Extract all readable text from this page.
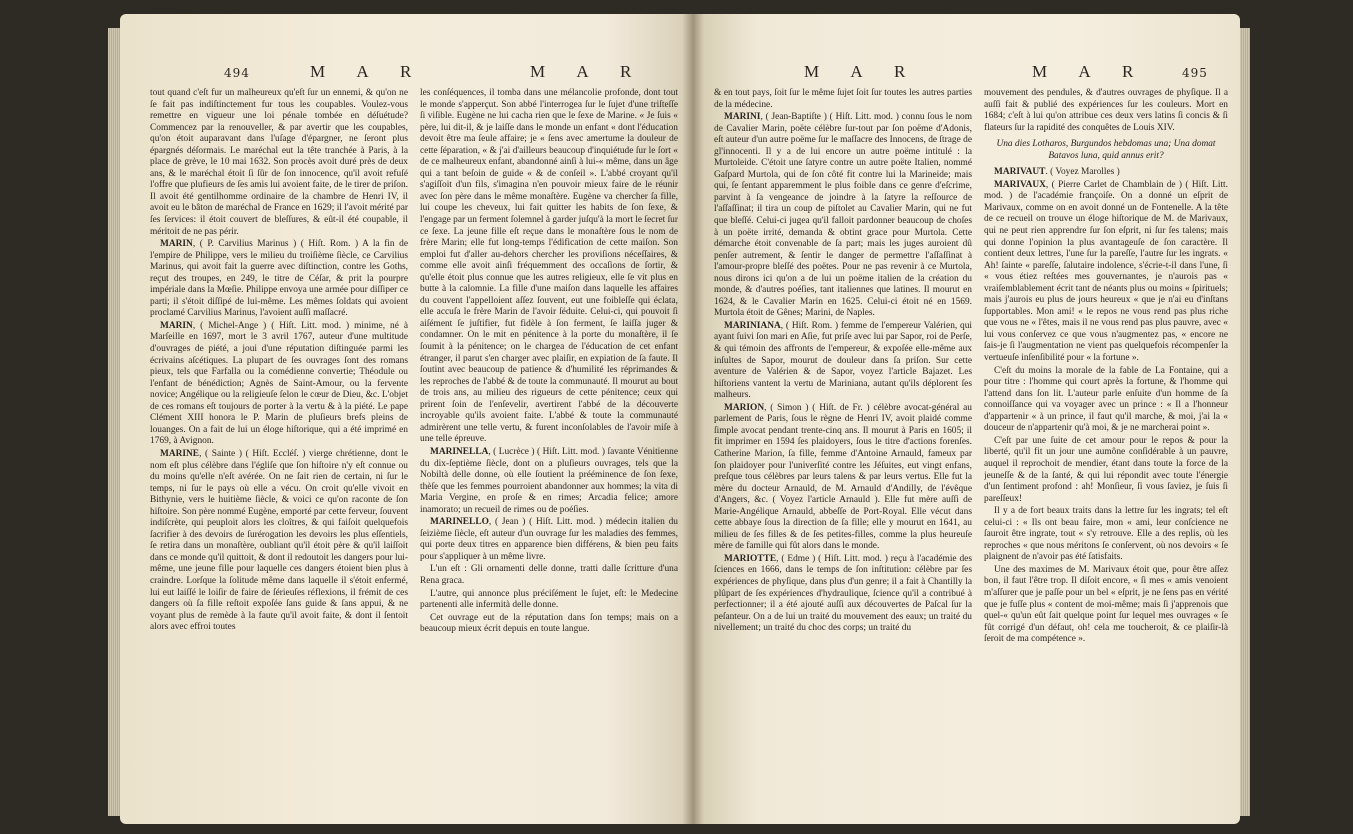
494	M A R	M A R

tout quand c'eſt fur un malheureux qu'eſt ſur un ennemi, & qu'on ne ſe fait pas indiſtinctement fur tous les coupables. Voulez-vous remettre en vigueur une loi pénale tombée en déſuétude? Commencez par la renouveller, & par avertir que les coupables, qu'on étoit auparavant dans l'uſage d'épargner, ne ſeront plus épargnés déſormais. Le maréchal eut la tête tranchée à Paris, à la place de grève, le 10 mai 1632. Son procès avoit duré près de deux ans, & le maréchal étoit ſi ſûr de ſon innocence, qu'il avoit refuſé l'offre que plufieurs de ſes amis lui avoient faite, de le tirer de priſon. Il avoit été gentilhomme ordinaire de la chambre de Henri IV, il avoit eu le bâton de maréchal de France en 1629; il l'avoit mérité par ſes ſervices: il étoit couvert de bleſſures, & eût-il été coupable, il méritoit de ne pas périr.

MARIN, ( P. Carvilius Marinus ) ( Hiſt. Rom. ) A la fin de l'empire de Philippe, vers le milieu du troiſième ſiècle, ce Carvilius Marinus, qui avoit fait la guerre avec diſtinction, contre les Goths, reçut des troupes, en 249, le titre de Céſar, & prit la pourpre impériale dans la Mœſie. Philippe envoya une armée pour diſſiper ce parti; il s'étoit diſſipé de lui-même. Les mêmes ſoldats qui avoient proclamé Carvilius Marinus, l'avoient auſſi maſſacré.

MARIN, ( Michel-Ange ) ( Hiſt. Litt. mod. ) minime, né à Marſeille en 1697, mort le 3 avril 1767, auteur d'une multitude d'ouvrages de piété, a joui d'une réputation diſtinguée parmi les écrivains aſcétiques. La plupart de ſes ouvrages ſont des romans pieux, tels que Farfalla ou la comédienne convertie; Théodule ou l'enfant de bénédiction; Agnès de Saint-Amour, ou la fervente novice; Angélique ou la religieuſe ſelon le cœur de Dieu, &c. L'objet de ces romans eſt toujours de porter à la vertu & à la piété. Le pape Clément XIII honora le P. Marin de pluſieurs brefs pleins de louanges. On a fait de lui un éloge hiſtorique, qui a été imprimé en 1769, à Avignon.

MARINE, ( Sainte ) ( Hiſt. Eccléſ. ) vierge chrétienne, dont le nom eſt plus célèbre dans l'égliſe que ſon hiſtoire n'y eſt connue ou du moins qu'elle n'eſt avérée. On ne ſait rien de certain, ni ſur le temps, ni ſur le pays où elle a vécu. On croit qu'elle vivoit en Bithynie, vers le huitième ſiècle, & voici ce qu'on raconte de ſon hiſtoire. Son père nommé Eugène, emporté par cette ferveur, ſouvent indiſcrète, qui peuploit alors les cloîtres, & qui faiſoit quelquefois ſacrifier à des devoirs de ſurérogation les devoirs les plus eſſentiels, ſe retira dans un monaſtère, oubliant qu'il étoit père & qu'il laiſſoit dans ce monde qu'il quittoit, & dont il redoutoit les dangers pour lui-même, une jeune fille pour laquelle ces dangers étoient bien plus à craindre. Lorſque la ſolitude même dans laquelle il s'étoit enfermé, lui eut laiſſé le loiſir de faire de ſérieuſes réflexions, il frémit de ces dangers où ſa fille reſtoit expoſée ſans guide & ſans appui, & ne voyant plus de remède à la faute qu'il avoit faite, & dont il ſentoit alors avec effroi toutes

les conſéquences, il tomba dans une mélancolie profonde, dont tout le monde s'apperçut. Son abbé l'interrogea ſur le ſujet d'une triſteſſe ſi viſible. Eugène ne lui cacha rien que le ſexe de Marine. « Je ſuis « père, lui dit-il, & je laiſſe dans le monde un enfant « dont l'éducation devoit être ma ſeule affaire; je « ſens avec amertume la douleur de cette ſéparation, « & j'ai d'ailleurs beaucoup d'inquiétude ſur le ſort « de ce malheureux enfant, abandonné ainſi à lui-« même, dans un âge qui a tant beſoin de guide « & de conſeil ». L'abbé croyant qu'il s'agiſſoit d'un fils, s'imagina n'en pouvoir mieux faire de le réunir avec ſon père dans le même monaſtère. Eugène va chercher ſa fille, lui coupe les cheveux, lui fait quitter les habits de ſon ſexe, & l'engage par un ferment ſolemnel à garder juſqu'à la mort le ſecret ſur ce ſexe. La jeune fille eſt reçue dans le monaſtère ſous le nom de frère Marin; elle fut long-temps l'édification de cette maiſon. Son emploi fut d'aller au-dehors chercher les proviſions néceſſaires, & comme elle avoit ainſi fréquemment des occaſions de ſortir, & qu'elle étoit plus connue que les autres religieux, elle ſe vit plus en butte à la calomnie. La fille d'une maiſon dans laquelle les affaires du couvent l'appelloient aſſez ſouvent, eut une foibleſſe qui éclata, elle accuſa le frère Marin de l'avoir ſéduite. Celui-ci, qui pouvoit ſi aiſément ſe juſtifier, fut fidèle à ſon ferment, ſe laiſſa juger & condamner. On le mit en pénitence à la porte du monaſtère, il ſe ſoumit à la pénitence; on le chargea de l'éducation de cet enfant étranger, il parut s'en charger avec plaiſir, en expiation de ſa faute. Il ſoutint avec beaucoup de patience & d'humilité les réprimandes & les reproches de l'abbé & de toute la communauté. Il mourut au bout de trois ans, au milieu des rigueurs de cette pénitence; ceux qui prirent ſoin de l'enſevelir, avertirent l'abbé de la découverte incroyable qu'ils avoient faite. L'abbé & toute la communauté admirèrent une telle vertu, & furent inconſolables de l'avoir miſe à une telle épreuve.

MARINELLA, ( Lucrèce ) ( Hiſt. Litt. mod. ) ſavante Vénitienne du dix-ſeptième ſiècle, dont on a pluſieurs ouvrages, tels que la Nobiltà delle donne, où elle ſoutient la prééminence de ſon ſexe, thèſe que les femmes pourroient abandonner aux hommes; la vita di Maria Vergine, en proſe & en rimes; Arcadia felice; amore inamorato; un recueil de rimes ou de poéſies.

MARINELLO, ( Jean ) ( Hiſt. Litt. mod. ) médecin italien du ſeizième ſiècle, eſt auteur d'un ouvrage ſur les maladies des femmes, qui porte deux titres en apparence bien différens, & bien peu faits pour s'appliquer à un même livre.

L'un eſt : Gli ornamenti delle donne, tratti dalle ſcritture d'una Rena graca.

L'autre, qui annonce plus préciſément le ſujet, eſt: le Medecine partenenti alle infermità delle donne.

Cet ouvrage eut de la réputation dans ſon temps; mais on a beaucoup mieux écrit depuis en toute langue.

M A R	M A R	495

& en tout pays, ſoit ſur le même ſujet ſoit ſur toutes les autres parties de la médecine.

MARINI, ( Jean-Baptiſte ) ( Hiſt. Litt. mod. ) connu ſous le nom de Cavalier Marin, poëte célèbre ſur-tout par ſon poëme d'Adonis, eſt auteur d'un autre poëme ſur le maſſacre des Innocens, de ſtrage de gl'innocenti. Il y a de lui encore un autre poëme intitulé : la Murtoleide. C'étoit une ſatyre contre un autre poëte Italien, nommé Gaſpard Murtola, qui de ſon côté fit contre lui la Marineide; mais qui, ſe ſentant apparemment le plus foible dans ce genre d'eſcrime, parvint à ſa vengeance de joindre à la ſatyre la reſſource de l'aſſaſſinat; il tira un coup de piſtolet au Cavalier Marin, qui ne fut que bleſſé. Celui-ci jugea qu'il falloit pardonner beaucoup de choſes à un poëte irrité, demanda & obtint grace pour Murtola. Cette démarche étoit convenable de ſa part; mais les juges auroient dû penſer autrement, & ſentir le danger de permettre l'aſſaſſinat à l'amour-propre bleſſé des poëtes. Pour ne pas revenir à ce Murtola, nous dirons ici qu'on a de lui un poëme italien de la création du monde, & d'autres poéſies, tant italiennes que latines. Il mourut en 1624, & le Cavalier Marin en 1625. Celui-ci étoit né en 1569. Murtola étoit de Gênes; Marini, de Naples.

MARINIANA, ( Hiſt. Rom. ) femme de l'empereur Valérien, qui ayant ſuivi ſon mari en Aſie, fut priſe avec lui par Sapor, roi de Perſe, & qui témoin des affronts de l'empereur, & expoſée elle-même aux inſultes de Sapor, mourut de douleur dans ſa priſon. Sur cette aventure de Valérien & de Sapor, voyez l'article Bajazet. Les hiſtoriens vantent la vertu de Mariniana, autant qu'ils déplorent ſes malheurs.

MARION, ( Simon ) ( Hiſt. de Fr. ) célèbre avocat-général au parlement de Paris, ſous le règne de Henri IV, avoit plaidé comme ſimple avocat pendant trente-cinq ans. Il mourut à Paris en 1605; il fit imprimer en 1594 ſes plaidoyers, ſous le titre d'actions forenſes. Catherine Marion, ſa fille, femme d'Antoine Arnauld, fameux par ſon plaidoyer pour l'univerſité contre les Jéſuites, eut vingt enfans, preſque tous célèbres par leurs talens & par leurs vertus. Elle fut la mère du docteur Arnauld, de M. Arnauld d'Andilly, de l'évêque d'Angers, &c. ( Voyez l'article Arnauld ). Elle fut mère auſſi de Marie-Angélique Arnauld, abbeſſe de Port-Royal. Elle vécut dans cette abbaye ſous la direction de ſa fille; elle y mourut en 1641, au milieu de ſes filles & de ſes petites-filles, comme la plus heureuſe mère de famille qui fût alors dans le monde.

MARIOTTE, ( Edme ) ( Hiſt. Litt. mod. ) reçu à l'académie des ſciences en 1666, dans le temps de ſon inſtitution: célèbre par ſes expériences de phyſique, dans plus d'un genre; il a fait à Chantilly la plûpart de ſes expériences d'hydraulique, ſcience qu'il a contribué à perfectionner; il a été ajouté auſſi aux découvertes de Paſcal ſur la peſanteur. On a de lui un traité du mouvement des eaux; un traité du nivellement; un traité du choc des corps; un traité du

mouvement des pendules, & d'autres ouvrages de phyſique. Il a auſſi fait & publié des expériences ſur les couleurs. Mort en 1684; c'eſt à lui qu'on attribue ces deux vers latins ſi concis & ſi flateurs ſur la rapidité des conquêtes de Louis XIV.

Una dies Lotharos, Burgundos hebdomas una; Una domat Batavos luna, quid annus erit?

MARIVAUT. ( Voyez Marolles )

MARIVAUX, ( Pierre Carlet de Chamblain de ) ( Hiſt. Litt. mod. ) de l'académie françoiſe. On a donné un eſprit de Marivaux, comme on en avoit donné un de Fontenelle. A la tête de ce recueil on trouve un éloge hiſtorique de M. de Marivaux, qui ne peut rien apprendre ſur ſon eſprit, ni ſur ſes talens; mais qui donne l'opinion la plus avantageuſe de ſon caractère. Il contient deux lettres, l'une ſur la pareſſe, l'autre ſur les ingrats. « Ah! ſainte « pareſſe, ſalutaire indolence, s'écrie-t-il dans l'une, ſi « vous étiez reſtées mes gouvernantes, je n'aurois pas « vraiſemblablement écrit tant de néants plus ou moins « ſpirituels; mais j'aurois eu plus de jours heureux « que je n'ai eu d'inſtans ſupportables. Mon ami! « le repos ne vous rend pas plus riche que vous ne « l'êtes, mais il ne vous rend pas plus pauvre, avec « lui vous conſervez ce que vous n'augmentez pas, « encore ne ſais-je ſi l'augmentation ne vient pas quelquefois récompenſer la vertueuſe inſenſibilité pour « la fortune ».

C'eſt du moins la morale de la fable de La Fontaine, qui a pour titre : l'homme qui court après la fortune, & l'homme qui l'attend dans ſon lit. L'auteur parle enſuite d'un homme de ſa connoiſſance qui va voyager avec un prince : « Il a l'honneur d'appartenir « à un prince, il faut qu'il marche, & moi, j'ai la « douceur de n'appartenir qu'à moi, & je ne marcherai point ».

C'eſt par une ſuite de cet amour pour le repos & pour la liberté, qu'il fit un jour une aumône conſidérable à un pauvre, auquel il reprochoit de mendier, étant dans toute la force de la jeuneſſe & de la ſanté, & qui lui répondit avec toute l'énergie d'un ſentiment profond : ah! Monſieur, ſi vous ſaviez, je ſuis ſi pareſſeux!

Il y a de fort beaux traits dans la lettre ſur les ingrats; tel eſt celui-ci : « Ils ont beau faire, mon « ami, leur conſcience ne ſauroit être ingrate, tout « s'y retrouve. Elle a des replis, où les reproches « que nous méritons ſe conſervent, où nos devoirs « ſe plaignent de n'avoir pas été ſatisfaits.

Une des maximes de M. Marivaux étoit que, pour être aſſez bon, il faut l'être trop. Il diſoit encore, « ſi mes « amis venoient m'aſſurer que je paſſe pour un bel « eſprit, je ne ſens pas en vérité que je fuſſe plus « content de moi-même; mais ſi j'apprenois que quel-« qu'un eût ſait quelque point ſur lequel mes ouvrages « ſe fût corrigé d'un défaut, oh! cela me toucheroit, & ce plaiſir-là ſeroit de ma compétence ».
